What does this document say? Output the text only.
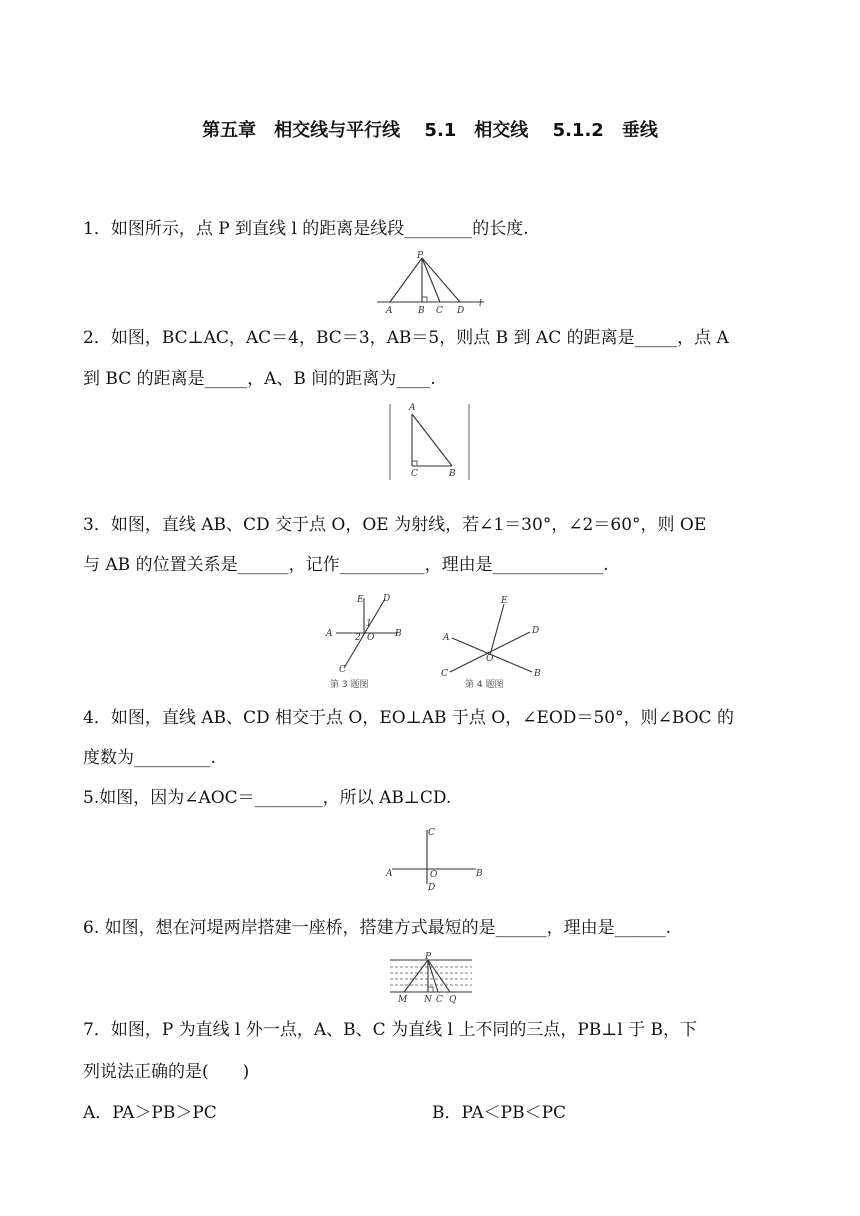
第五章　相交线与平行线　 5.1　相交线　 5.1.2　垂线
1．如图所示，点 P 到直线 l 的距离是线段________的长度.
P
A	B C D
l
2．如图，BC⊥AC，AC＝4，BC＝3，AB＝5，则点 B 到 AC 的距离是_____，点 A
到 BC 的距离是_____，A、B 间的距离为____.
A
C	B
3．如图，直线 AB、CD 交于点 O，OE 为射线，若∠1＝30°，∠2＝60°，则 OE
与 AB 的位置关系是______，记作__________，理由是_____________.
A	B
E D
C
O
1
2
第 3 题图
A
B
C
D
E
O
第 4 题图
4．如图，直线 AB、CD 相交于点 O，EO⊥AB 于点 O，∠EOD＝50°，则∠BOC 的
度数为_________.
5.如图，因为∠AOC＝________，所以 AB⊥CD.
A	B
C
D
O
6. 如图，想在河堤两岸搭建一座桥，搭建方式最短的是______，理由是______.
P
M N C Q
7．如图，P 为直线 l 外一点，A、B、C 为直线 l 上不同的三点，PB⊥l 于 B，下
列说法正确的是(　　)
A．PA＞PB＞PC	B．PA＜PB＜PC
